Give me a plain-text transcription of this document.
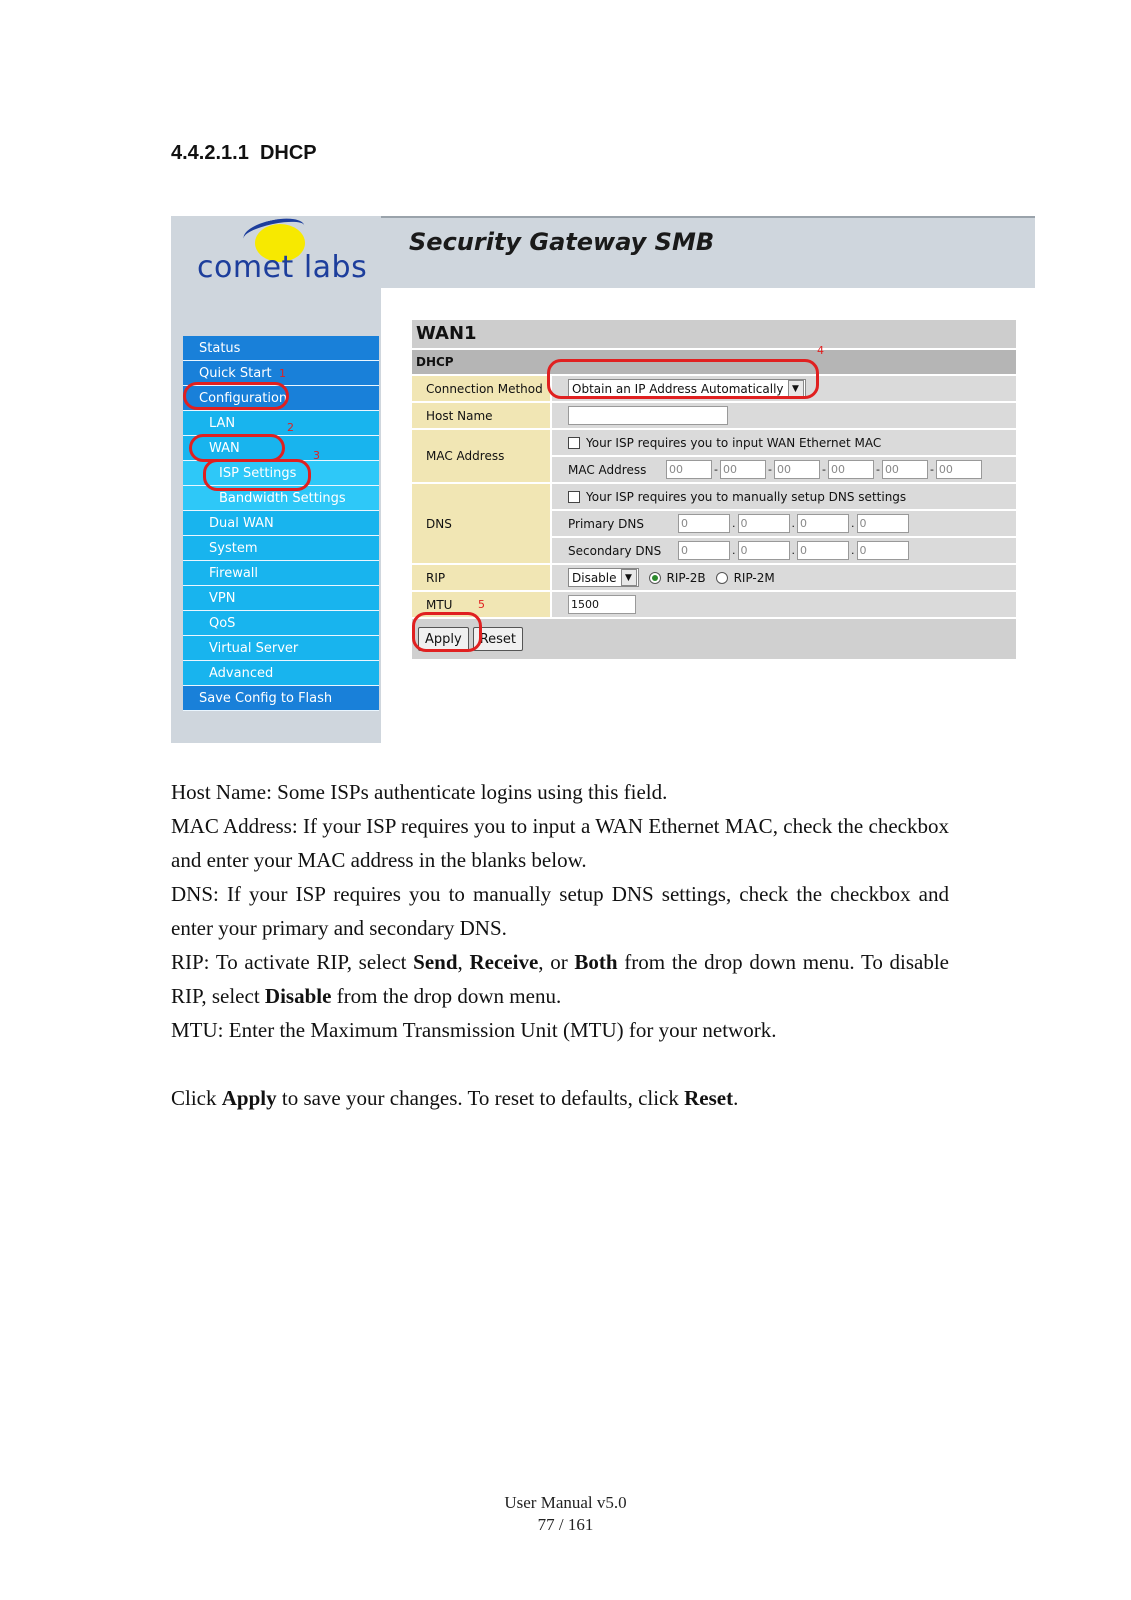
4.4.2.1.1 DHCP
comet labs
Security Gateway SMB
Status
Quick Start
Configuration
LAN
WAN
ISP Settings
Bandwidth Settings
Dual WAN
System
Firewall
VPN
QoS
Virtual Server
Advanced
Save Config to Flash
WAN1
DHCP
Connection Method	Obtain an IP Address Automatically ▼
Host Name
MAC Address
Your ISP requires you to input WAN Ethernet MAC
MAC Address	00	- 00	- 00	- 00	- 00	- 00
DNS
Your ISP requires you to manually setup DNS settings
Primary DNS	0	. 0	. 0	. 0
Secondary DNS	0	. 0	. 0	. 0
RIP	Disable ▼	RIP-2B RIP-2M
MTU	1500
Apply	Reset
1
2
3
4
5

Host Name: Some ISPs authenticate logins using this field.

MAC Address: If your ISP requires you to input a WAN Ethernet MAC, check the checkbox and enter your MAC address in the blanks below.

DNS: If your ISP requires you to manually setup DNS settings, check the checkbox and enter your primary and secondary DNS.

RIP: To activate RIP, select Send, Receive, or Both from the drop down menu. To disable RIP, select Disable from the drop down menu.

MTU: Enter the Maximum Transmission Unit (MTU) for your network.

Click Apply to save your changes. To reset to defaults, click Reset.

User Manual v5.0
77 / 161
